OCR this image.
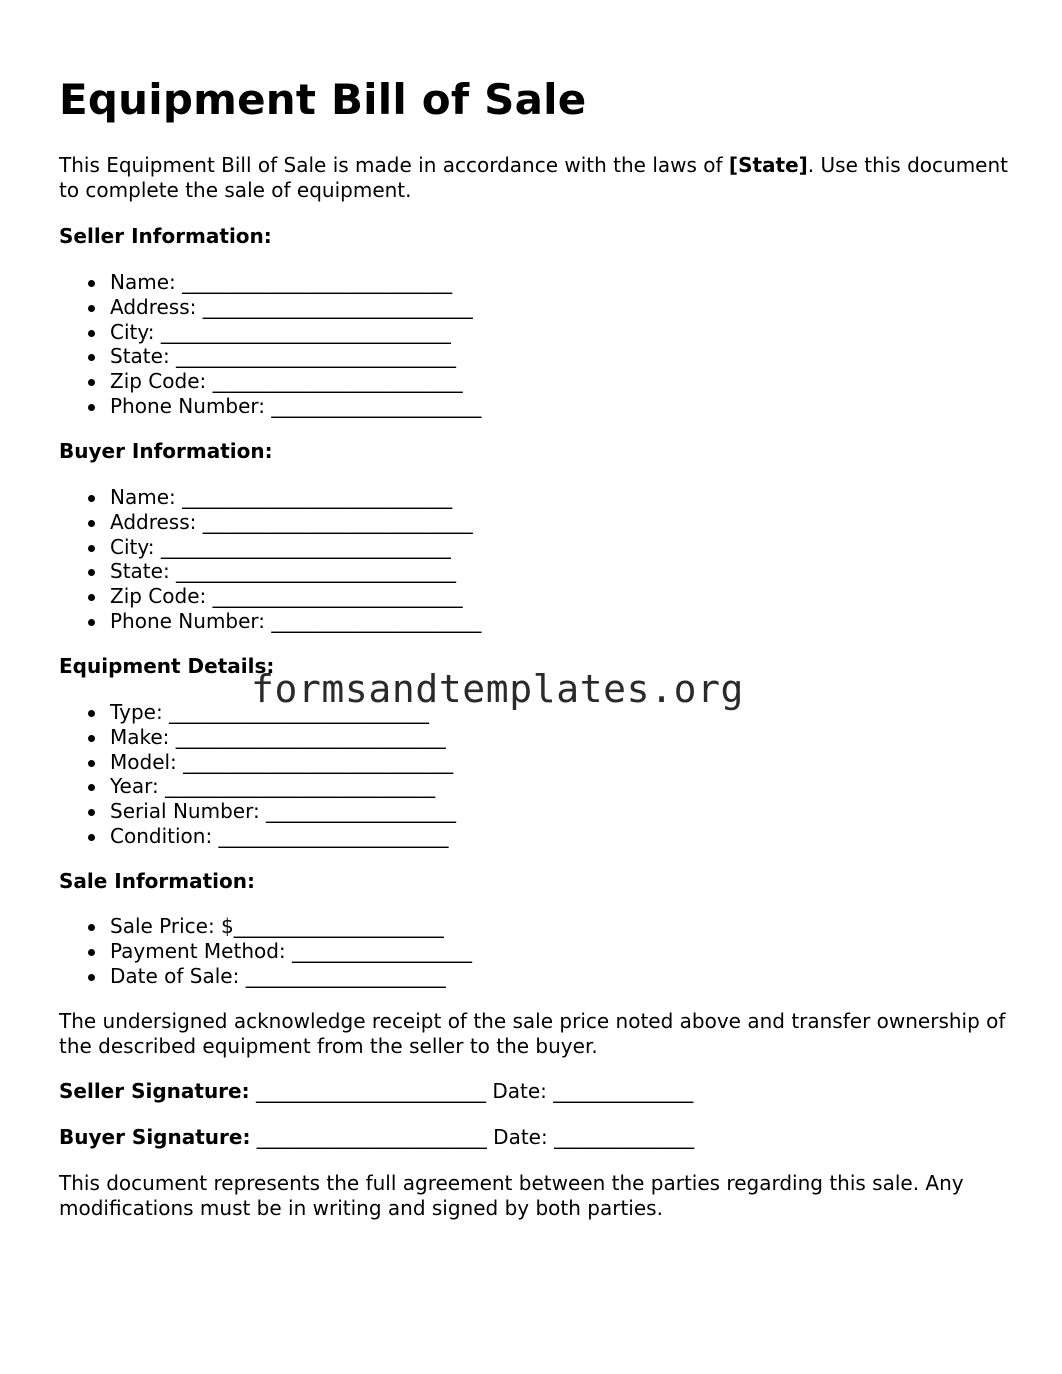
Equipment Bill of Sale

This Equipment Bill of Sale is made in accordance with the laws of [State]. Use this document to complete the sale of equipment.

Seller Information:

Name: ___________________________
Address: ___________________________
City: _____________________________
State: ____________________________
Zip Code: _________________________
Phone Number: _____________________

Buyer Information:

Name: ___________________________
Address: ___________________________
City: _____________________________
State: ____________________________
Zip Code: _________________________
Phone Number: _____________________

Equipment Details:

Type: __________________________
Make: ___________________________
Model: ___________________________
Year: ___________________________
Serial Number: ___________________
Condition: _______________________

Sale Information:

Sale Price: $_____________________
Payment Method: __________________
Date of Sale: ____________________

The undersigned acknowledge receipt of the sale price noted above and transfer ownership of the described equipment from the seller to the buyer.

Seller Signature: _______________________ Date: ______________

Buyer Signature: _______________________ Date: ______________

This document represents the full agreement between the parties regarding this sale. Any modifications must be in writing and signed by both parties.

formsandtemplates.org
